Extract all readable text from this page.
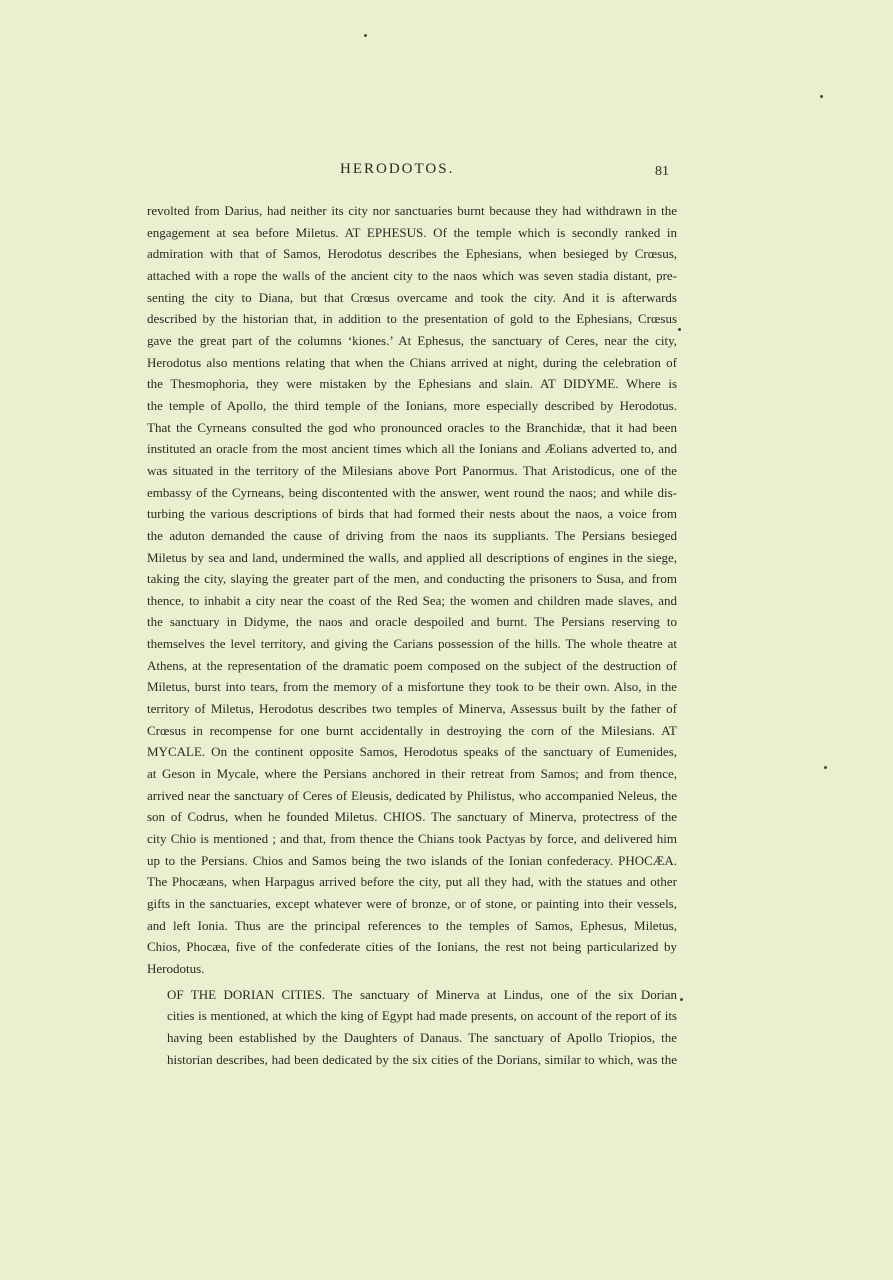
HERODOTOS.	81

revolted from Darius, had neither its city nor sanctuaries burnt because they had withdrawn in the
engagement at sea before Miletus. AT EPHESUS. Of the temple which is secondly ranked in
admiration with that of Samos, Herodotus describes the Ephesians, when besieged by Crœsus,
attached with a rope the walls of the ancient city to the naos which was seven stadia distant, pre-
senting the city to Diana, but that Crœsus overcame and took the city. And it is afterwards
described by the historian that, in addition to the presentation of gold to the Ephesians, Crœsus
gave the great part of the columns ‘kiones.’ At Ephesus, the sanctuary of Ceres, near the city,
Herodotus also mentions relating that when the Chians arrived at night, during the celebration of
the Thesmophoria, they were mistaken by the Ephesians and slain. AT DIDYME. Where is
the temple of Apollo, the third temple of the Ionians, more especially described by Herodotus.
That the Cyrneans consulted the god who pronounced oracles to the Branchidæ, that it had been
instituted an oracle from the most ancient times which all the Ionians and Æolians adverted to, and
was situated in the territory of the Milesians above Port Panormus. That Aristodicus, one of the
embassy of the Cyrneans, being discontented with the answer, went round the naos; and while dis-
turbing the various descriptions of birds that had formed their nests about the naos, a voice from
the aduton demanded the cause of driving from the naos its suppliants. The Persians besieged
Miletus by sea and land, undermined the walls, and applied all descriptions of engines in the siege,
taking the city, slaying the greater part of the men, and conducting the prisoners to Susa, and from
thence, to inhabit a city near the coast of the Red Sea; the women and children made slaves, and
the sanctuary in Didyme, the naos and oracle despoiled and burnt. The Persians reserving to
themselves the level territory, and giving the Carians possession of the hills. The whole theatre at
Athens, at the representation of the dramatic poem composed on the subject of the destruction of
Miletus, burst into tears, from the memory of a misfortune they took to be their own. Also, in the
territory of Miletus, Herodotus describes two temples of Minerva, Assessus built by the father of
Crœsus in recompense for one burnt accidentally in destroying the corn of the Milesians. AT
MYCALE. On the continent opposite Samos, Herodotus speaks of the sanctuary of Eumenides,
at Geson in Mycale, where the Persians anchored in their retreat from Samos; and from thence,
arrived near the sanctuary of Ceres of Eleusis, dedicated by Philistus, who accompanied Neleus, the
son of Codrus, when he founded Miletus. CHIOS. The sanctuary of Minerva, protectress of the
city Chio is mentioned ; and that, from thence the Chians took Pactyas by force, and delivered him
up to the Persians. Chios and Samos being the two islands of the Ionian confederacy. PHOCÆA.
The Phocæans, when Harpagus arrived before the city, put all they had, with the statues and other
gifts in the sanctuaries, except whatever were of bronze, or of stone, or painting into their vessels,
and left Ionia. Thus are the principal references to the temples of Samos, Ephesus, Miletus,
Chios, Phocæa, five of the confederate cities of the Ionians, the rest not being particularized by
Herodotus.

OF THE DORIAN CITIES. The sanctuary of Minerva at Lindus, one of the six Dorian
cities is mentioned, at which the king of Egypt had made presents, on account of the report of its
having been established by the Daughters of Danaus. The sanctuary of Apollo Triopios, the
historian describes, had been dedicated by the six cities of the Dorians, similar to which, was the
